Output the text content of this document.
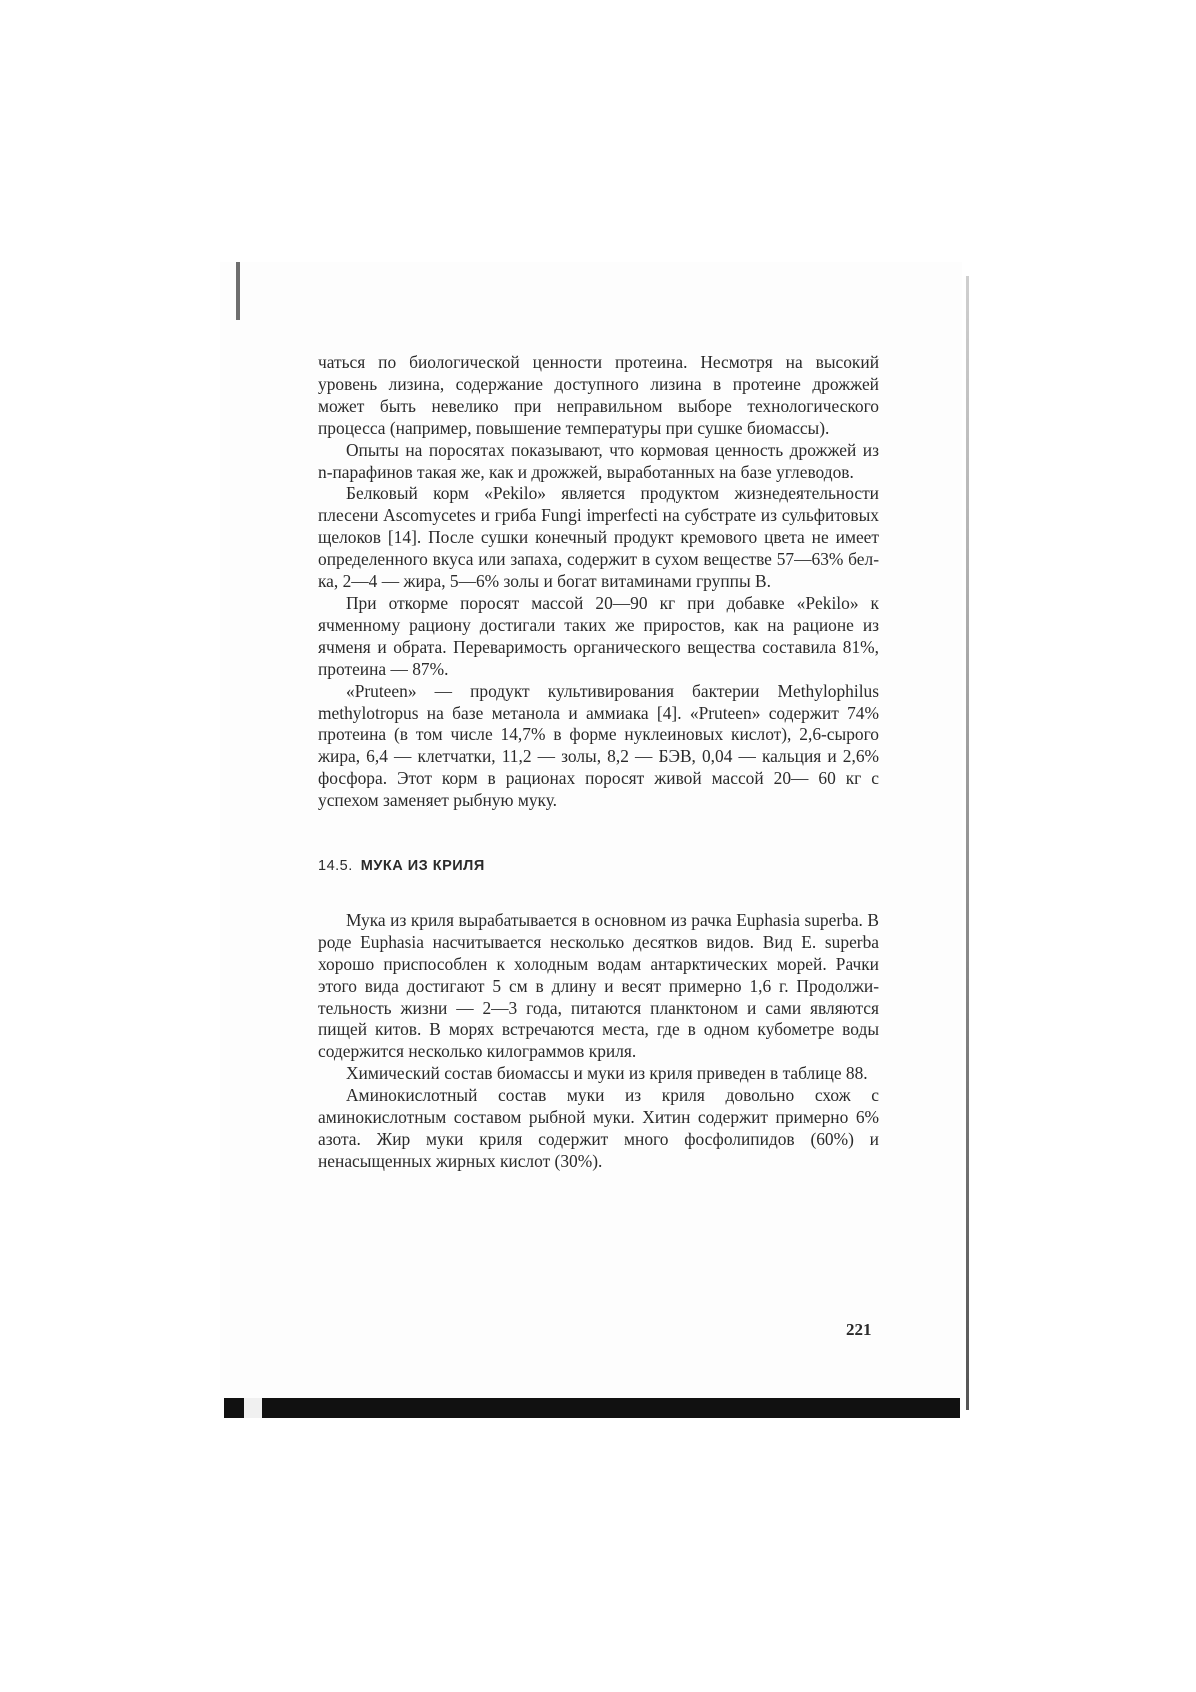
чаться по биологической ценности протеина. Несмотря на высокий уровень лизина, содержание доступного лизина в протеине дрожжей может быть невелико при неправильном выборе технологического процесса (например, повышение температуры при сушке биомассы).

Опыты на поросятах показывают, что кормовая ценность дрожжей из n-парафинов такая же, как и дрожжей, выработанных на базе углеводов.

Белковый корм «Pekilo» является продуктом жизнедеятельности плесени Ascomycetes и гриба Fungi imperfecti на субстрате из сульфитовых щелоков [14]. После сушки конечный продукт кремового цвета не имеет определенного вкуса или запаха, содержит в сухом веществе 57—63% белка, 2—4 — жира, 5—6% золы и богат витаминами группы В.

При откорме поросят массой 20—90 кг при добавке «Pekilo» к ячменному рациону достигали таких же приростов, как на рационе из ячменя и обрата. Переваримость органического вещества составила 81%, протеина — 87%.

«Pruteen» — продукт культивирования бактерии Methylophilus methylotropus на базе метанола и аммиака [4]. «Pruteen» содержит 74% протеина (в том числе 14,7% в форме нуклеиновых кислот), 2,6-сырого жира, 6,4 — клетчатки, 11,2 — золы, 8,2 — БЭВ, 0,04 — кальция и 2,6% фосфора. Этот корм в рационах поросят живой массой 20— 60 кг с успехом заменяет рыбную муку.

14.5. МУКА ИЗ КРИЛЯ

Мука из криля вырабатывается в основном из рачка Euphasia superba. В роде Euphasia насчитывается несколько десятков видов. Вид E. superba хорошо приспособлен к холодным водам антарктических морей. Рачки этого вида достигают 5 см в длину и весят примерно 1,6 г. Продолжительность жизни — 2—3 года, питаются планктоном и сами являются пищей китов. В морях встречаются места, где в одном кубометре воды содержится несколько килограммов криля.

Химический состав биомассы и муки из криля приведен в таблице 88.

Аминокислотный состав муки из криля довольно схож с аминокислотным составом рыбной муки. Хитин содержит примерно 6% азота. Жир муки криля содержит много фосфолипидов (60%) и ненасыщенных жирных кислот (30%).

221
